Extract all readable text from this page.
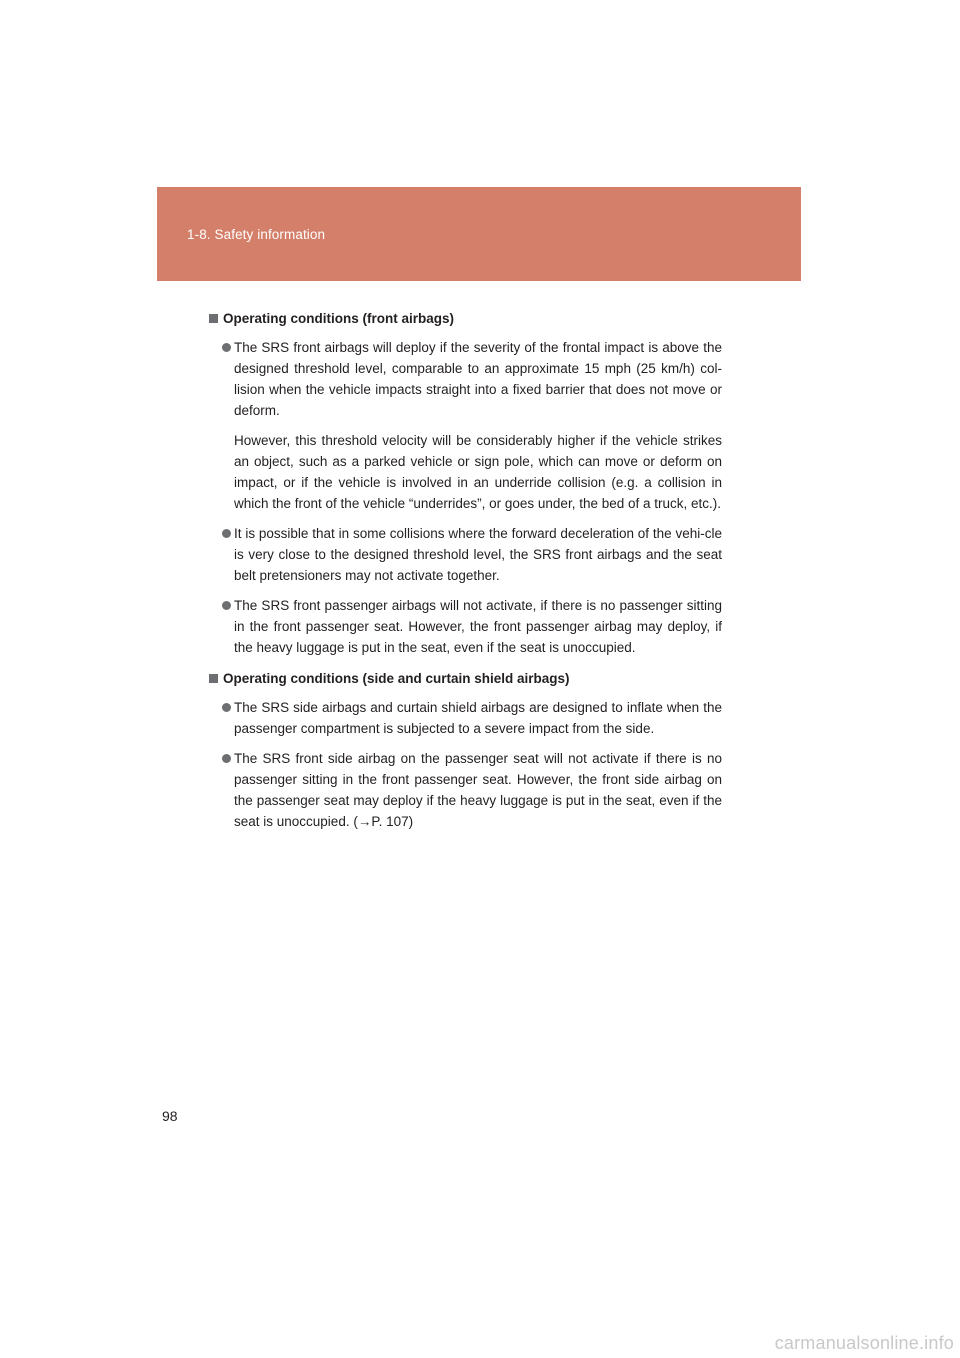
1-8. Safety information
Operating conditions (front airbags)
The SRS front airbags will deploy if the severity of the frontal impact is above the designed threshold level, comparable to an approximate 15 mph (25 km/h) col-lision when the vehicle impacts straight into a fixed barrier that does not move or deform.
However, this threshold velocity will be considerably higher if the vehicle strikes an object, such as a parked vehicle or sign pole, which can move or deform on impact, or if the vehicle is involved in an underride collision (e.g. a collision in which the front of the vehicle “underrides”, or goes under, the bed of a truck, etc.).
It is possible that in some collisions where the forward deceleration of the vehi-cle is very close to the designed threshold level, the SRS front airbags and the seat belt pretensioners may not activate together.
The SRS front passenger airbags will not activate, if there is no passenger sitting in the front passenger seat. However, the front passenger airbag may deploy, if the heavy luggage is put in the seat, even if the seat is unoccupied.
Operating conditions (side and curtain shield airbags)
The SRS side airbags and curtain shield airbags are designed to inflate when the passenger compartment is subjected to a severe impact from the side.
The SRS front side airbag on the passenger seat will not activate if there is no passenger sitting in the front passenger seat. However, the front side airbag on the passenger seat may deploy if the heavy luggage is put in the seat, even if the seat is unoccupied. (→P. 107)
98
carmanualsonline.info
